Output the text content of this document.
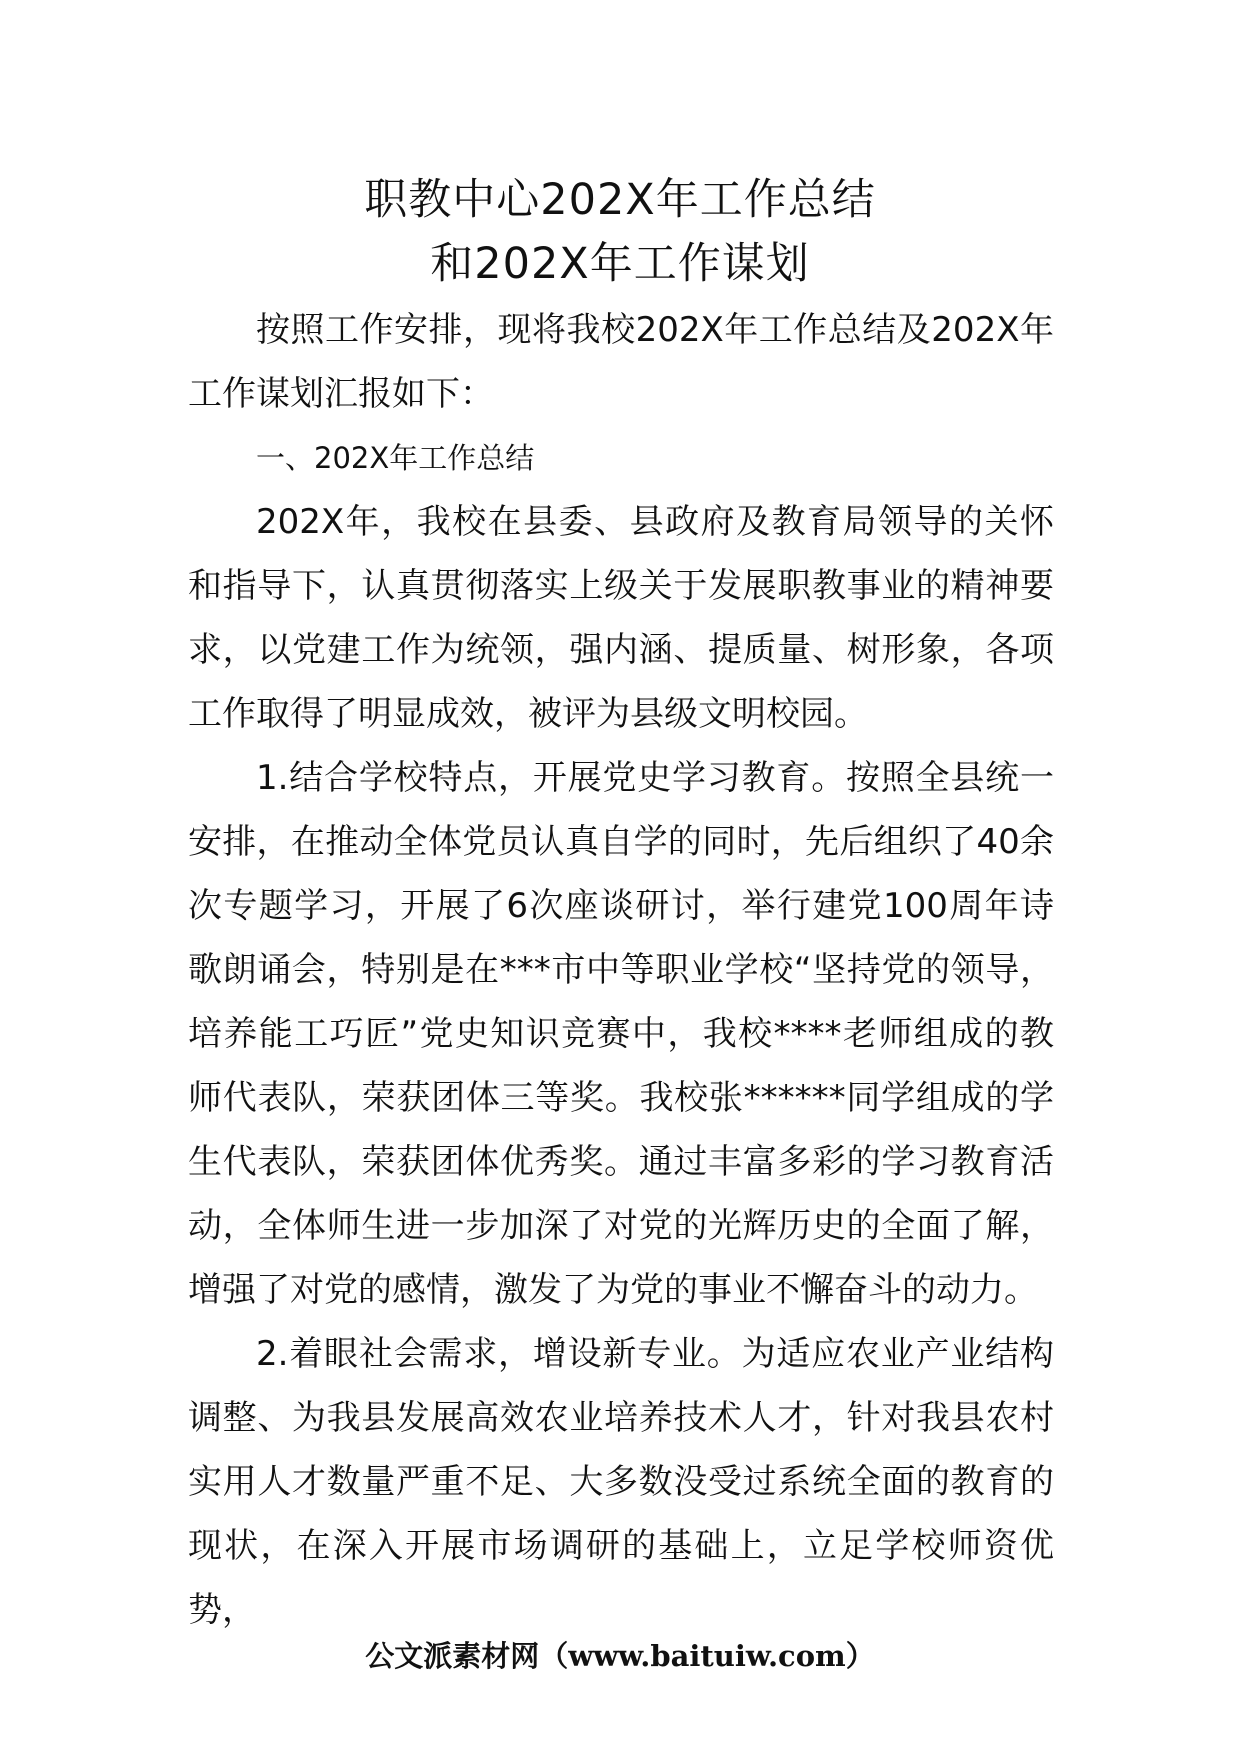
职教中心202X年工作总结
和202X年工作谋划

按照工作安排，现将我校202X年工作总结及202X年工作谋划汇报如下：

一、202X年工作总结

202X年，我校在县委、县政府及教育局领导的关怀和指导下，认真贯彻落实上级关于发展职教事业的精神要求，以党建工作为统领，强内涵、提质量、树形象，各项工作取得了明显成效，被评为县级文明校园。

1.结合学校特点，开展党史学习教育。按照全县统一安排，在推动全体党员认真自学的同时，先后组织了40余次专题学习，开展了6次座谈研讨，举行建党100周年诗歌朗诵会，特别是在***市中等职业学校“坚持党的领导，培养能工巧匠”党史知识竞赛中，我校****老师组成的教师代表队，荣获团体三等奖。我校张******同学组成的学生代表队，荣获团体优秀奖。通过丰富多彩的学习教育活动，全体师生进一步加深了对党的光辉历史的全面了解，增强了对党的感情，激发了为党的事业不懈奋斗的动力。

2.着眼社会需求，增设新专业。为适应农业产业结构调整、为我县发展高效农业培养技术人才，针对我县农村实用人才数量严重不足、大多数没受过系统全面的教育的现状，在深入开展市场调研的基础上，立足学校师资优势，

公文派素材网（www.baituiw.com）
